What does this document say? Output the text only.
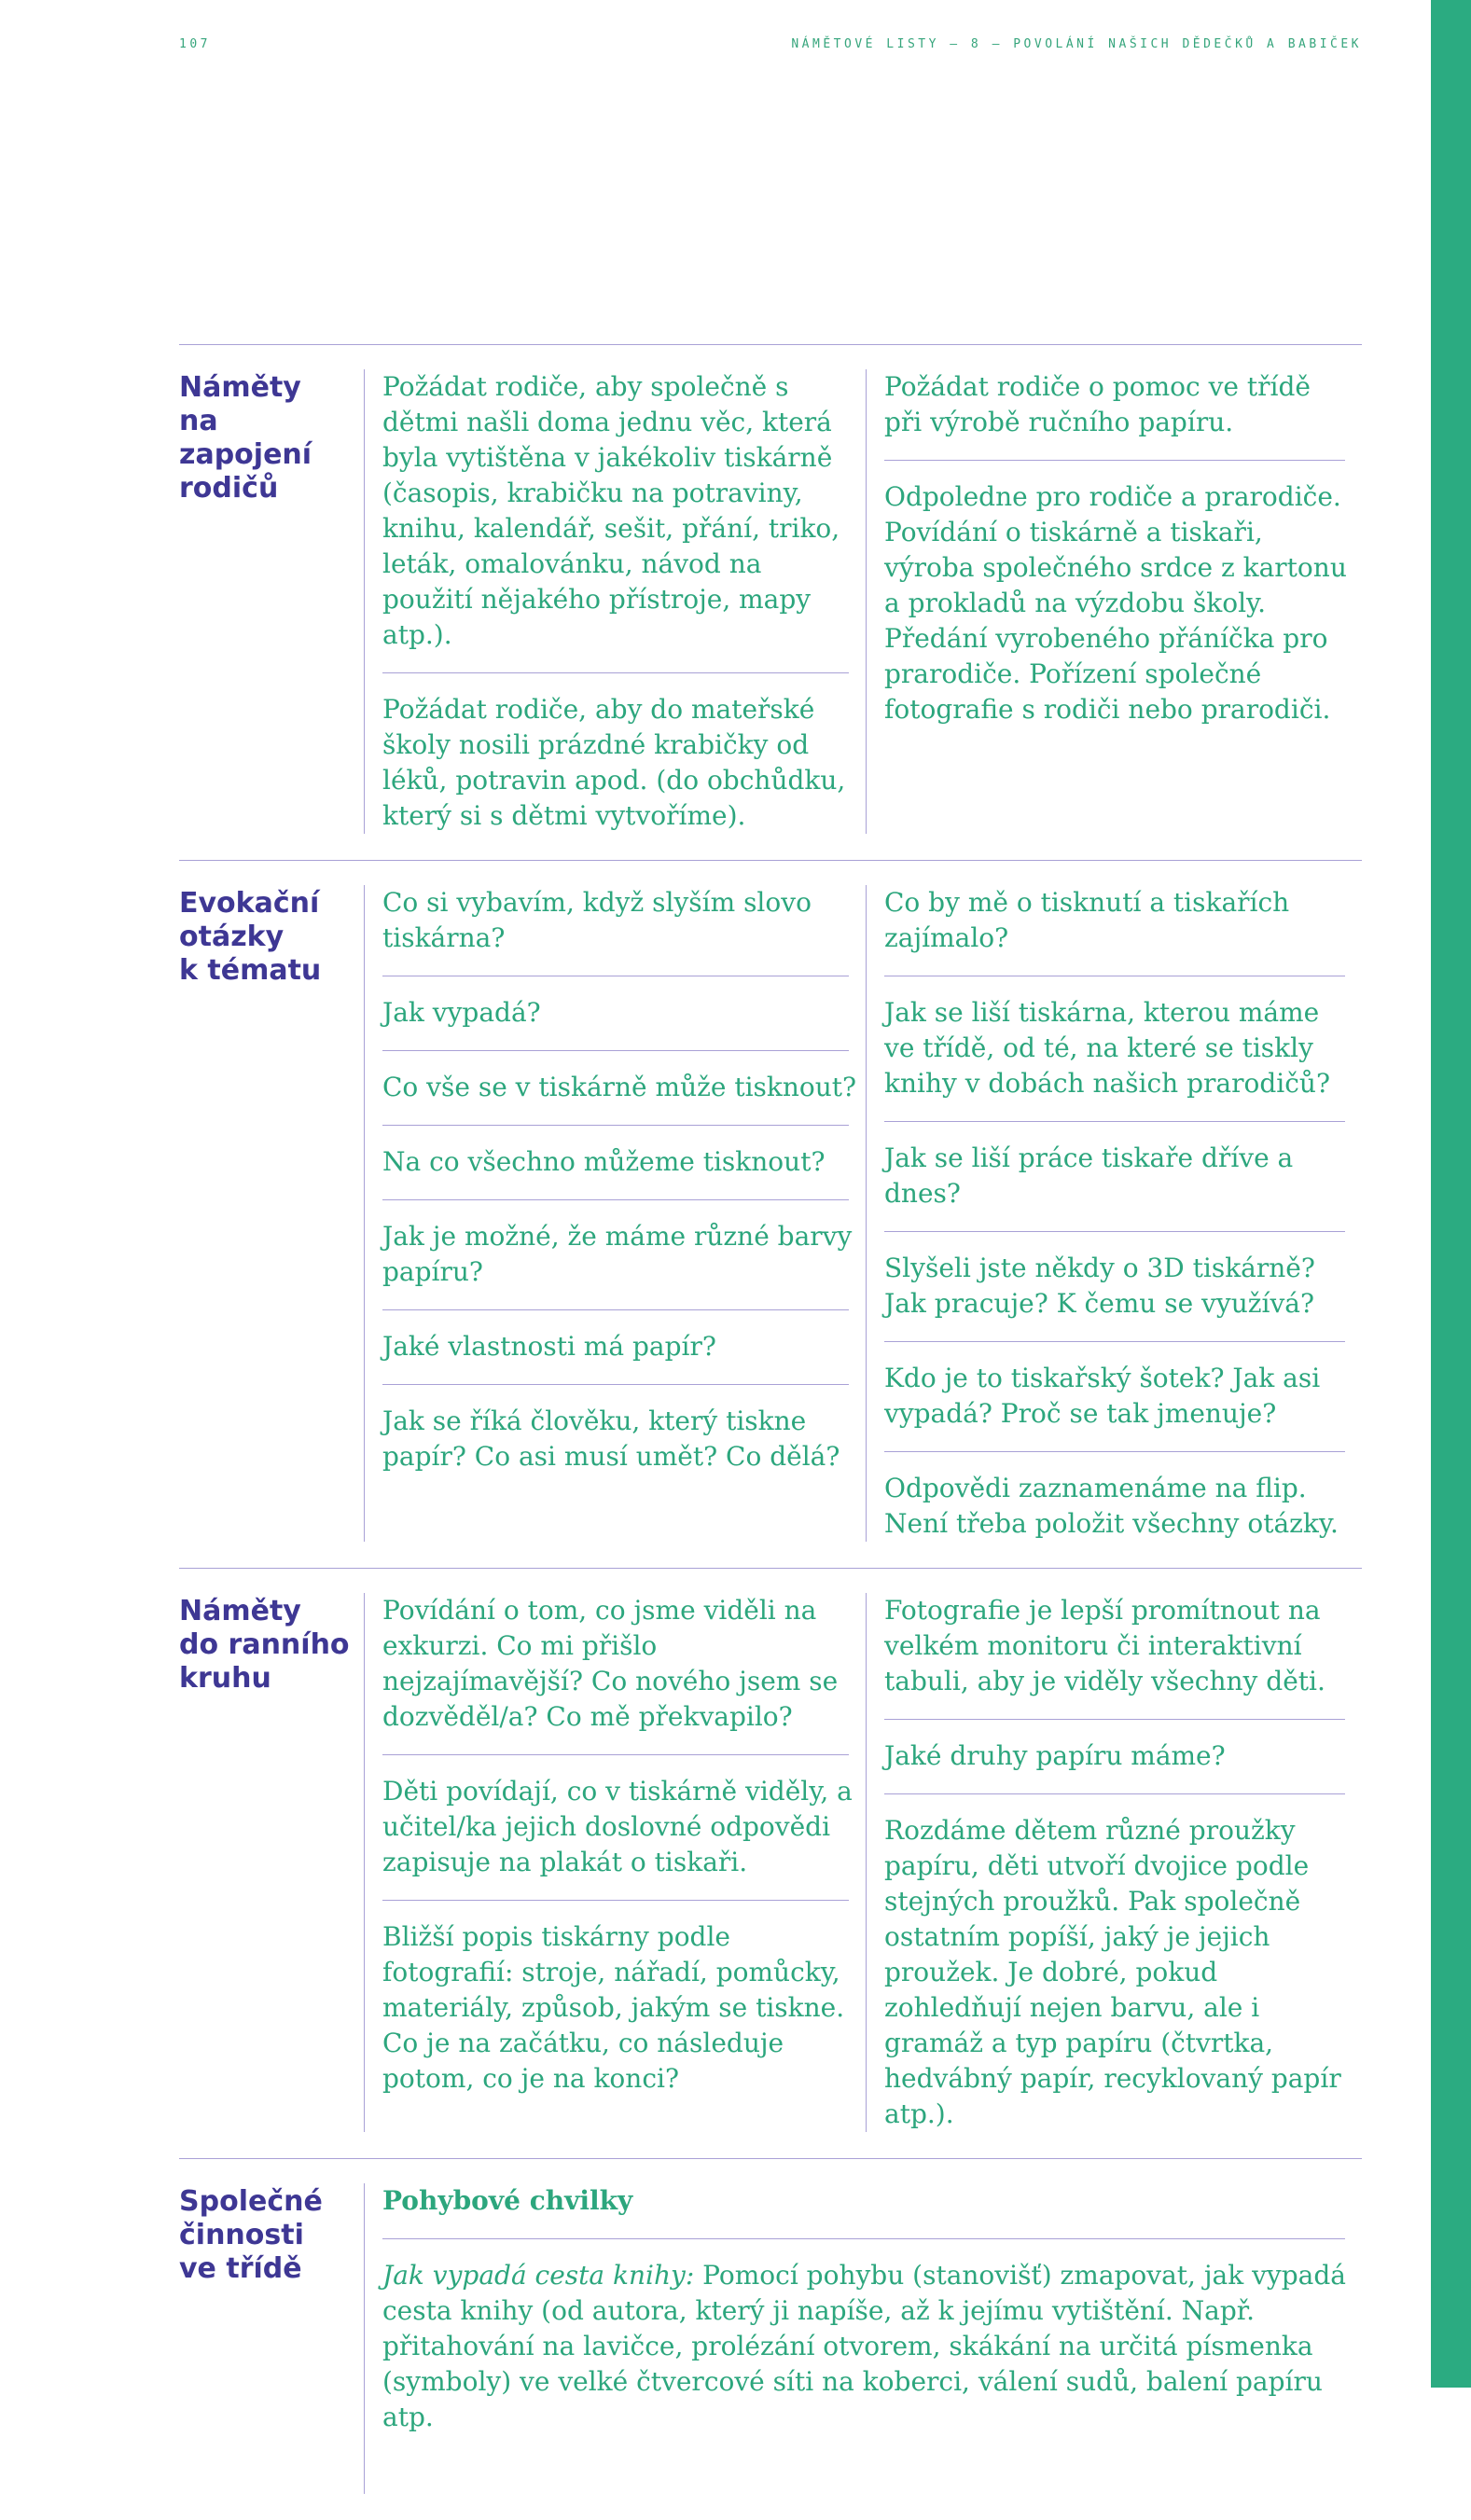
107	NÁMĚTOVÉ LISTY — 8 — POVOLÁNÍ NAŠICH DĚDEČKŮ A BABIČEK
Náměty
na zapojení
rodičů

Požádat rodiče, aby společně s dětmi našli doma jednu věc, která byla vytištěna v jakékoliv tiskárně (časopis, krabičku na potraviny, knihu, kalendář, sešit, přání, triko, leták, omalovánku, návod na použití nějakého přístroje, mapy atp.).

Požádat rodiče, aby do mateřské školy nosili prázdné krabičky od léků, potravin apod. (do obchůdku, který si s dětmi vytvoříme).

Požádat rodiče o pomoc ve třídě při výrobě ručního papíru.

Odpoledne pro rodiče a prarodiče. Povídání o tiskárně a tiskaři, výroba společného srdce z kartonu a prokladů na výzdobu školy. Předání vyrobeného přáníčka pro prarodiče. Pořízení společné fotografie s rodiči nebo prarodiči.

Evokační
otázky
k tématu

Co si vybavím, když slyším slovo tiskárna?

Jak vypadá?

Co vše se v tiskárně může tisknout?

Na co všechno můžeme tisknout?

Jak je možné, že máme různé barvy papíru?

Jaké vlastnosti má papír?

Jak se říká člověku, který tiskne papír? Co asi musí umět? Co dělá?

Co by mě o tisknutí a tiskařích zajímalo?

Jak se liší tiskárna, kterou máme ve třídě, od té, na které se tiskly knihy v dobách našich prarodičů?

Jak se liší práce tiskaře dříve a dnes?

Slyšeli jste někdy o 3D tiskárně? Jak pracuje? K čemu se využívá?

Kdo je to tiskařský šotek? Jak asi vypadá? Proč se tak jmenuje?

Odpovědi zaznamenáme na flip. Není třeba položit všechny otázky.

Náměty
do ranního
kruhu

Povídání o tom, co jsme viděli na exkurzi. Co mi přišlo nejzajímavější? Co nového jsem se dozvěděl/a? Co mě překvapilo?

Děti povídají, co v tiskárně viděly, a učitel/ka jejich doslovné odpovědi zapisuje na plakát o tiskaři.

Bližší popis tiskárny podle fotografií: stroje, nářadí, pomůcky, materiály, způsob, jakým se tiskne. Co je na začátku, co následuje potom, co je na konci?

Fotografie je lepší promítnout na velkém monitoru či interaktivní tabuli, aby je viděly všechny děti.

Jaké druhy papíru máme?

Rozdáme dětem různé proužky papíru, děti utvoří dvojice podle stejných proužků. Pak společně ostatním popíší, jaký je jejich proužek. Je dobré, pokud zohledňují nejen barvu, ale i gramáž a typ papíru (čtvrtka, hedvábný papír, recyklovaný papír atp.).

Společné
činnosti
ve třídě

Pohybové chvilky

Jak vypadá cesta knihy: Pomocí pohybu (stanovišť) zmapovat, jak vypadá cesta knihy (od autora, který ji napíše, až k jejímu vytištění. Např. přitahování na lavičce, prolézání otvorem, skákání na určitá písmenka (symboly) ve velké čtvercové síti na koberci, válení sudů, balení papíru atp.
